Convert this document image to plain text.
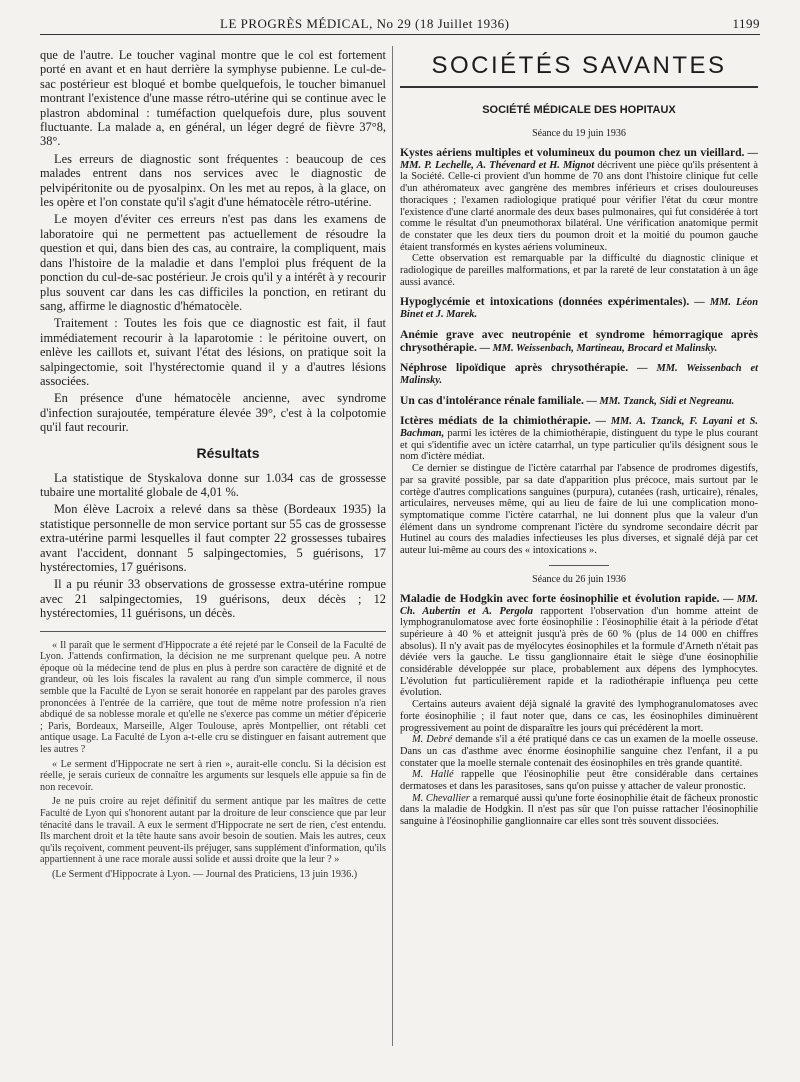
LE PROGRÈS MÉDICAL, No 29 (18 Juillet 1936)	1199

que de l'autre. Le toucher vaginal montre que le col est fortement porté en avant et en haut derrière la symphyse pubienne. Le cul-de-sac postérieur est bloqué et bombe quelquefois, le toucher bimanuel montrant l'existence d'une masse rétro-utérine qui se continue avec le plastron abdominal : tuméfaction quelquefois dure, plus souvent fluctuante. La malade a, en général, un léger degré de fièvre 37°8, 38°.

Les erreurs de diagnostic sont fréquentes : beaucoup de ces malades entrent dans nos services avec le diagnostic de pelvipéritonite ou de pyosalpinx. On les met au repos, à la glace, on les opère et l'on constate qu'il s'agit d'une hématocèle rétro-utérine.

Le moyen d'éviter ces erreurs n'est pas dans les examens de laboratoire qui ne permettent pas actuellement de résoudre la question et qui, dans bien des cas, au contraire, la compliquent, mais dans l'histoire de la maladie et dans l'emploi plus fréquent de la ponction du cul-de-sac postérieur. Je crois qu'il y a intérêt à y recourir plus souvent car dans les cas difficiles la ponction, en retirant du sang, affirme le diagnostic d'hématocèle.

Traitement : Toutes les fois que ce diagnostic est fait, il faut immédiatement recourir à la laparotomie : le péritoine ouvert, on enlève les caillots et, suivant l'état des lésions, on pratique soit la salpingectomie, soit l'hystérectomie quand il y a d'autres lésions associées.

En présence d'une hématocèle ancienne, avec syndrome d'infection surajoutée, température élevée 39°, c'est à la colpotomie qu'il faut recourir.

Résultats

La statistique de Styskalova donne sur 1.034 cas de grossesse tubaire une mortalité globale de 4,01 %.

Mon élève Lacroix a relevé dans sa thèse (Bordeaux 1935) la statistique personnelle de mon service portant sur 55 cas de grossesse extra-utérine parmi lesquelles il faut compter 22 grossesses tubaires avant l'accident, donnant 5 salpingectomies, 5 guérisons, 17 hystérectomies, 17 guérisons.

Il a pu réunir 33 observations de grossesse extra-utérine rompue avec 21 salpingectomies, 19 guérisons, deux décès ; 12 hystérectomies, 11 guérisons, un décès.

« Il paraît que le serment d'Hippocrate a été rejeté par le Conseil de la Faculté de Lyon. J'attends confirmation, la décision ne me surprenant quelque peu. A notre époque où la médecine tend de plus en plus à perdre son caractère de dignité et de grandeur, où les lois fiscales la ravalent au rang d'un simple commerce, il nous semble que la Faculté de Lyon se serait honorée en rappelant par des paroles graves prononcées à l'entrée de la carrière, que tout de même notre profession n'a rien abdiqué de sa noblesse morale et qu'elle ne s'exerce pas comme un métier d'épicerie ; Paris, Bordeaux, Marseille, Alger Toulouse, après Montpellier, ont rétabli cet antique usage. La Faculté de Lyon a-t-elle cru se distinguer en faisant autrement que les autres ?

« Le serment d'Hippocrate ne sert à rien », aurait-elle conclu. Si la décision est réelle, je serais curieux de connaître les arguments sur lesquels elle appuie sa fin de non recevoir.

Je ne puis croire au rejet définitif du serment antique par les maîtres de cette Faculté de Lyon qui s'honorent autant par la droiture de leur conscience que par leur ténacité dans le travail. A eux le serment d'Hippocrate ne sert de rien, c'est entendu. Ils marchent droit et la tête haute sans avoir besoin de soutien. Mais les autres, ceux qu'ils reçoivent, comment peuvent-ils préjuger, sans supplément d'information, qu'ils appartiennent à une race morale aussi solide et aussi droite que la leur ? »

(Le Serment d'Hippocrate à Lyon. — Journal des Praticiens, 13 juin 1936.)

SOCIÉTÉS SAVANTES
SOCIÉTÉ MÉDICALE DES HOPITAUX
Séance du 19 juin 1936
Kystes aériens multiples et volumineux du poumon chez un vieillard. — MM. P. Lechelle, A. Thévenard et H. Mignot décrivent une pièce qu'ils présentent à la Société. Celle-ci provient d'un homme de 70 ans dont l'histoire clinique fut celle d'un athéromateux avec gangrène des membres inférieurs et crises douloureuses thoraciques ; l'examen radiologique pratiqué pour vérifier l'état du cœur montre l'existence d'une clarté anormale des deux bases pulmonaires, qui fut considérée à tort comme le résultat d'un pneumothorax bilatéral. Une vérification anatomique permit de constater que les deux tiers du poumon droit et la moitié du poumon gauche étaient transformés en kystes aériens volumineux.
Cette observation est remarquable par la difficulté du diagnostic clinique et radiologique de pareilles malformations, et par la rareté de leur constatation à un âge aussi avancé.
Hypoglycémie et intoxications (données expérimentales). — MM. Léon Binet et J. Marek.
Anémie grave avec neutropénie et syndrome hémorragique après chrysothérapie. — MM. Weissenbach, Martineau, Brocard et Malinsky.
Néphrose lipoïdique après chrysothérapie. — MM. Weissenbach et Malinsky.
Un cas d'intolérance rénale familiale. — MM. Tzanck, Sidi et Negreanu.
Ictères médiats de la chimiothérapie. — MM. A. Tzanck, F. Layani et S. Bachman, parmi les ictères de la chimiothérapie, distinguent du type le plus courant et qui s'identifie avec un ictère catarrhal, un type particulier qu'ils désignent sous le nom d'ictère médiat.
Ce dernier se distingue de l'ictère catarrhal par l'absence de prodromes digestifs, par sa gravité possible, par sa date d'apparition plus précoce, mais surtout par le cortège d'autres complications sanguines (purpura), cutanées (rash, urticaire), rénales, articulaires, nerveuses même, qui au lieu de faire de lui une complication mono-symptomatique comme l'ictère catarrhal, ne lui donnent plus que la valeur d'un élément dans un syndrome comprenant l'ictère du syndrome secondaire décrit par Hutinel au cours des maladies infectieuses les plus diverses, et signalé déjà par cet auteur lui-même au cours des « intoxications ».
Séance du 26 juin 1936
Maladie de Hodgkin avec forte éosinophilie et évolution rapide. — MM. Ch. Aubertin et A. Pergola rapportent l'observation d'un homme atteint de lymphogranulomatose avec forte éosinophilie : l'éosinophilie était à la période d'état supérieure à 40 % et atteignit jusqu'à près de 60 % (plus de 14 000 en chiffres absolus). Il n'y avait pas de myélocytes éosinophiles et la formule d'Arneth n'était pas déviée vers la gauche. Le tissu ganglionnaire était le siège d'une éosinophilie considérable développée sur place, probablement aux dépens des lymphocytes. L'évolution fut particulièrement rapide et la radiothérapie influença peu cette évolution.
Certains auteurs avaient déjà signalé la gravité des lymphogranulomatoses avec forte éosinophilie ; il faut noter que, dans ce cas, les éosinophiles diminuèrent progressivement au point de disparaître les jours qui précédèrent la mort.
M. Debré demande s'il a été pratiqué dans ce cas un examen de la moelle osseuse. Dans un cas d'asthme avec énorme éosinophilie sanguine chez l'enfant, il a pu constater que la moelle sternale contenait des éosinophiles en très grande quantité.
M. Hallé rappelle que l'éosinophilie peut être considérable dans certaines dermatoses et dans les parasitoses, sans qu'on puisse y attacher de valeur pronostic.
M. Chevallier a remarqué aussi qu'une forte éosinophilie était de fâcheux pronostic dans la maladie de Hodgkin. Il n'est pas sûr que l'on puisse rattacher l'éosinophilie sanguine à l'éosinophilie ganglionnaire car elles sont très souvent dissociées.
